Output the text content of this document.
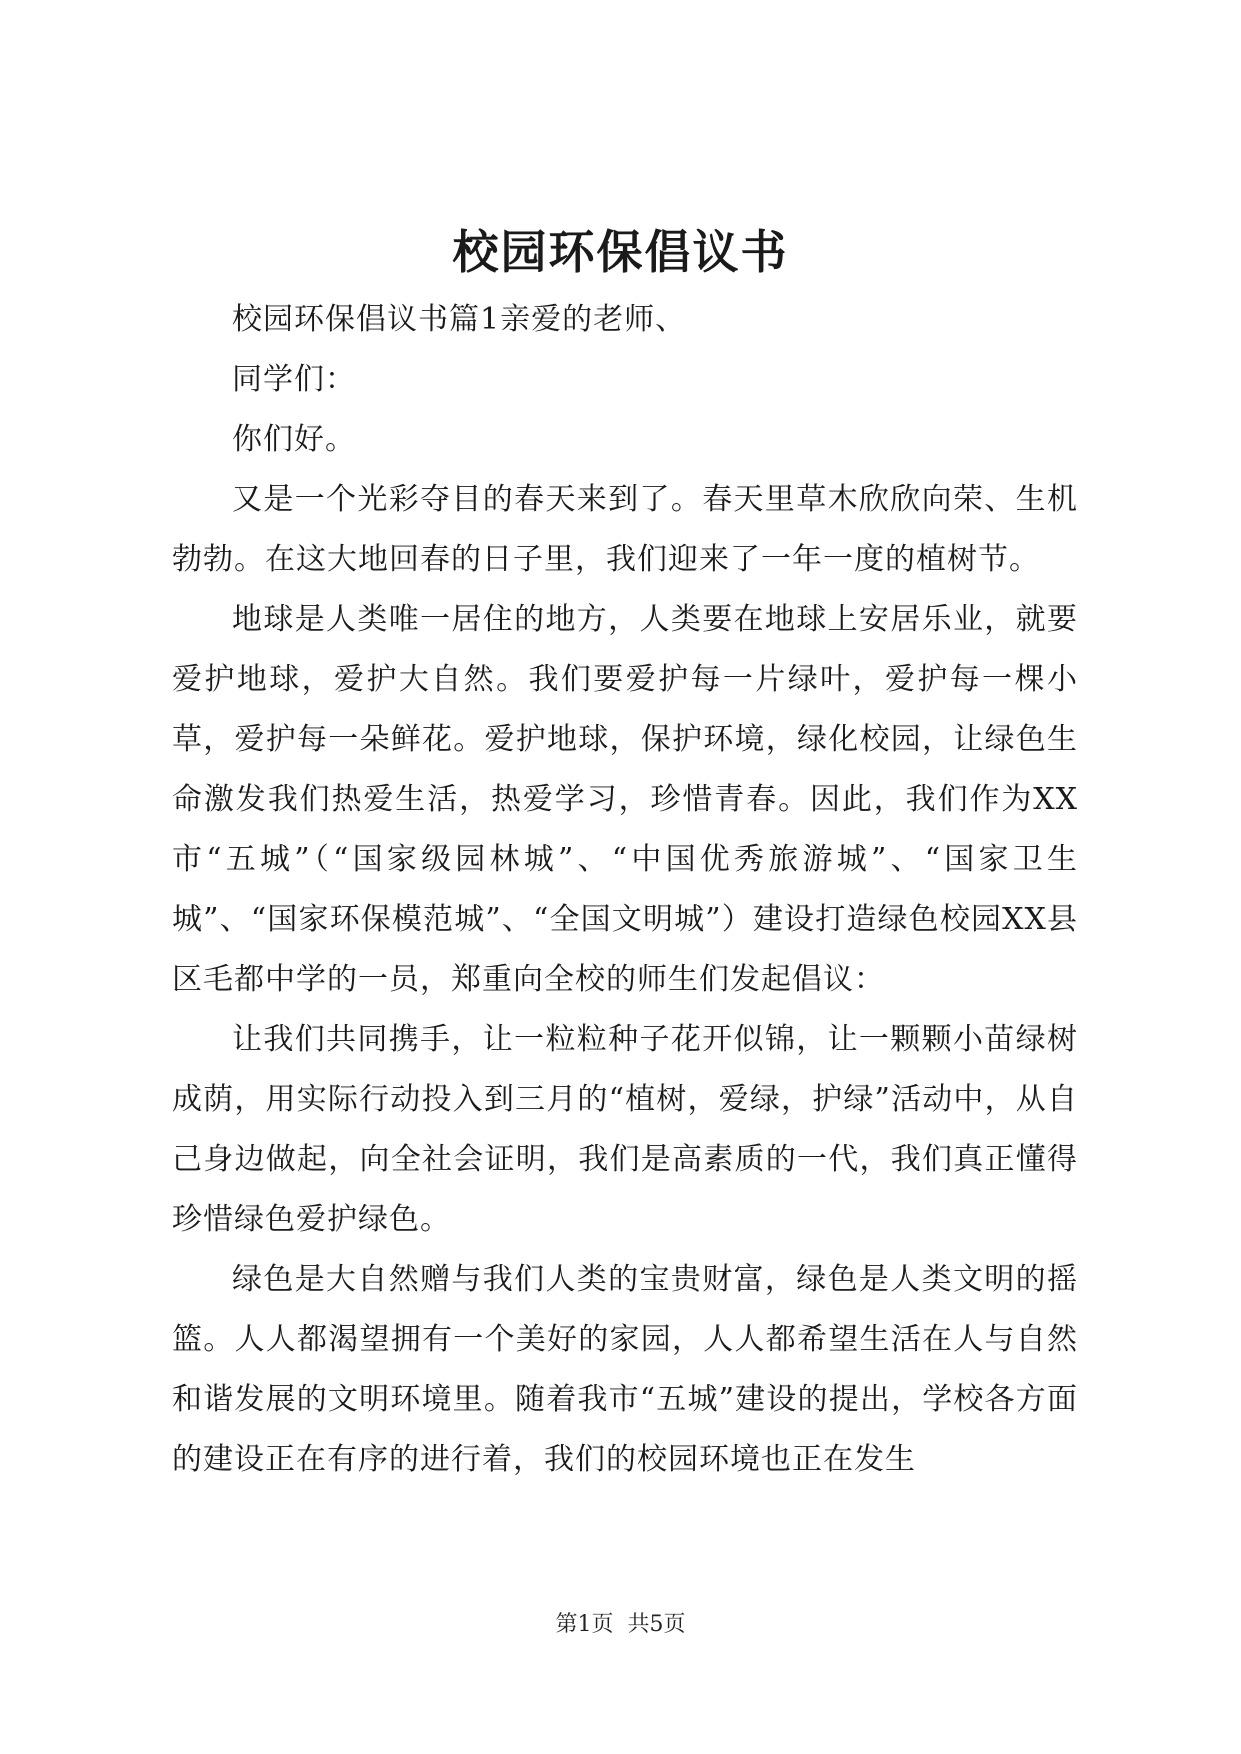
校园环保倡议书

校园环保倡议书篇1亲爱的老师、

同学们：

你们好。

又是一个光彩夺目的春天来到了。春天里草木欣欣向荣、生机勃勃。在这大地回春的日子里，我们迎来了一年一度的植树节。

地球是人类唯一居住的地方，人类要在地球上安居乐业，就要爱护地球，爱护大自然。我们要爱护每一片绿叶，爱护每一棵小草，爱护每一朵鲜花。爱护地球，保护环境，绿化校园，让绿色生命激发我们热爱生活，热爱学习，珍惜青春。因此，我们作为XX市“五城”（“国家级园林城”、“中国优秀旅游城”、“国家卫生城”、“国家环保模范城”、“全国文明城”）建设打造绿色校园XX县区毛都中学的一员，郑重向全校的师生们发起倡议：

让我们共同携手，让一粒粒种子花开似锦，让一颗颗小苗绿树成荫，用实际行动投入到三月的“植树，爱绿，护绿”活动中，从自己身边做起，向全社会证明，我们是高素质的一代，我们真正懂得珍惜绿色爱护绿色。

绿色是大自然赠与我们人类的宝贵财富，绿色是人类文明的摇篮。人人都渴望拥有一个美好的家园，人人都希望生活在人与自然和谐发展的文明环境里。随着我市“五城”建设的提出，学校各方面的建设正在有序的进行着，我们的校园环境也正在发生

第1页 共5页
